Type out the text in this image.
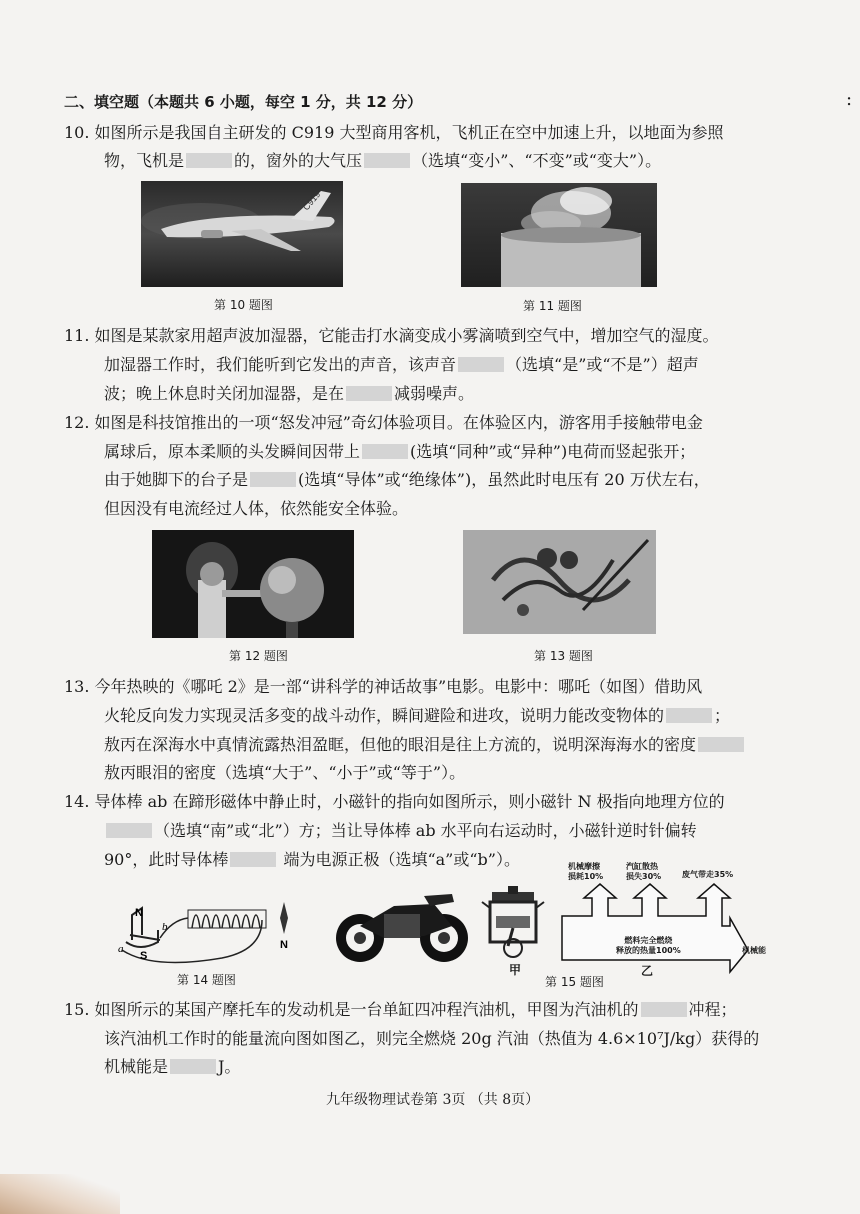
二、填空题（本题共 6 小题，每空 1 分，共 12 分）	:
10. 如图所示是我国自主研发的 C919 大型商用客机，飞机正在空中加速上升，以地面为参照
物，飞机是	的，窗外的大气压	（选填“变小”、“不变”或“变大”）。
C919
第 10 题图	第 11 题图
11. 如图是某款家用超声波加湿器，它能击打水滴变成小雾滴喷到空气中，增加空气的湿度。
加湿器工作时，我们能听到它发出的声音，该声音	（选填“是”或“不是”）超声
波；晚上休息时关闭加湿器，是在	减弱噪声。
12. 如图是科技馆推出的一项“怒发冲冠”奇幻体验项目。在体验区内，游客用手接触带电金
属球后，原本柔顺的头发瞬间因带上	(选填“同种”或“异种”)电荷而竖起张开；
由于她脚下的台子是	(选填“导体”或“绝缘体”)，虽然此时电压有 20 万伏左右，
但因没有电流经过人体，依然能安全体验。
第 12 题图	第 13 题图
13. 今年热映的《哪吒 2》是一部“讲科学的神话故事”电影。电影中：哪吒（如图）借助风
火轮反向发力实现灵活多变的战斗动作，瞬间避险和进攻，说明力能改变物体的	；
敖丙在深海水中真情流露热泪盈眶，但他的眼泪是往上方流的，说明深海海水的密度
敖丙眼泪的密度（选填“大于”、“小于”或“等于”）。
14. 导体棒 ab 在蹄形磁体中静止时，小磁针的指向如图所示，则小磁针 N 极指向地理方位的
（选填“南”或“北”）方；当让导体棒 ab 水平向右运动时，小磁针逆时针偏转
90°，此时导体棒	端为电源正极（选填“a”或“b”）。
N
b
a
S
N
第 14 题图
甲
机械摩擦
损耗10%
汽缸散热
损失30%	废气带走35%
燃料完全燃烧
释放的热量100%	机械能
乙
第 15 题图
15. 如图所示的某国产摩托车的发动机是一台单缸四冲程汽油机，甲图为汽油机的	冲程；
该汽油机工作时的能量流向图如图乙，则完全燃烧 20g 汽油（热值为 4.6×10⁷J/kg）获得的
机械能是	J。
九年级物理试卷第 3页 （共 8页）
